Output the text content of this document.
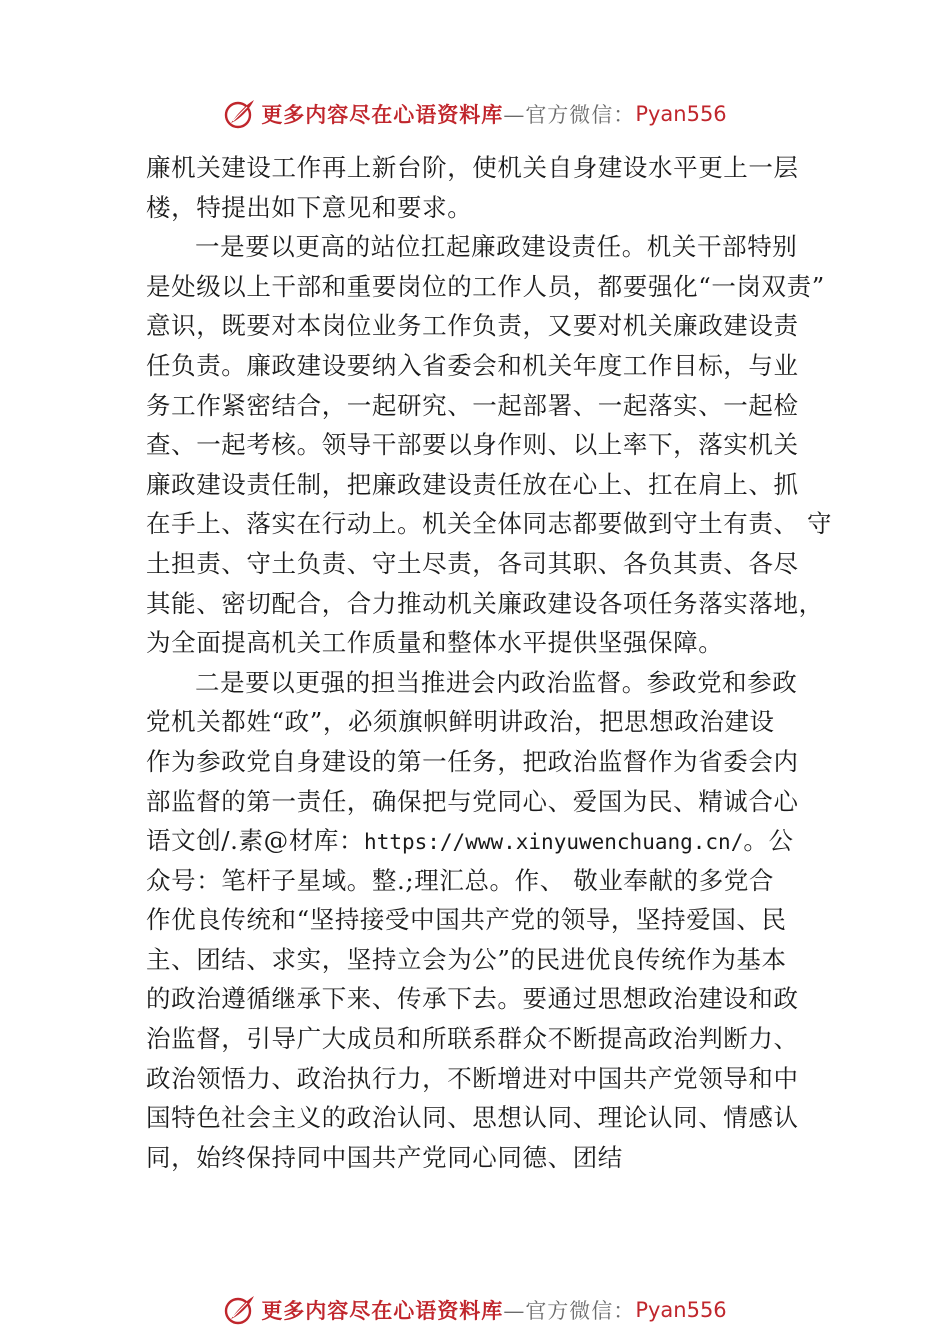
更多内容尽在心语资料库 —官方微信： Pyan556
廉机关建设工作再上新台阶，使机关自身建设水平更上一层
楼，特提出如下意见和要求。
一是要以更高的站位扛起廉政建设责任。机关干部特别
是处级以上干部和重要岗位的工作人员，都要强化“一岗双责”
意识，既要对本岗位业务工作负责，又要对机关廉政建设责
任负责。廉政建设要纳入省委会和机关年度工作目标，与业
务工作紧密结合，一起研究、一起部署、一起落实、一起检
查、一起考核。领导干部要以身作则、以上率下，落实机关
廉政建设责任制，把廉政建设责任放在心上、扛在肩上、抓
在手上、落实在行动上。机关全体同志都要做到守土有责、 守
土担责、守土负责、守土尽责，各司其职、各负其责、各尽
其能、密切配合，合力推动机关廉政建设各项任务落实落地，
为全面提高机关工作质量和整体水平提供坚强保障。
二是要以更强的担当推进会内政治监督。参政党和参政
党机关都姓“政”，必须旗帜鲜明讲政治，把思想政治建设
作为参政党自身建设的第一任务，把政治监督作为省委会内
部监督的第一责任，确保把与党同心、爱国为民、精诚合心
语文创/.素@材库：https://www.xinyuwenchuang.cn/。公
众号：笔杆子星域。整.;理汇总。作、 敬业奉献的多党合
作优良传统和“坚持接受中国共产党的领导，坚持爱国、民
主、团结、求实，坚持立会为公”的民进优良传统作为基本
的政治遵循继承下来、传承下去。要通过思想政治建设和政
治监督，引导广大成员和所联系群众不断提高政治判断力、
政治领悟力、政治执行力，不断增进对中国共产党领导和中
国特色社会主义的政治认同、思想认同、理论认同、情感认
同，始终保持同中国共产党同心同德、团结
更多内容尽在心语资料库 —官方微信： Pyan556
